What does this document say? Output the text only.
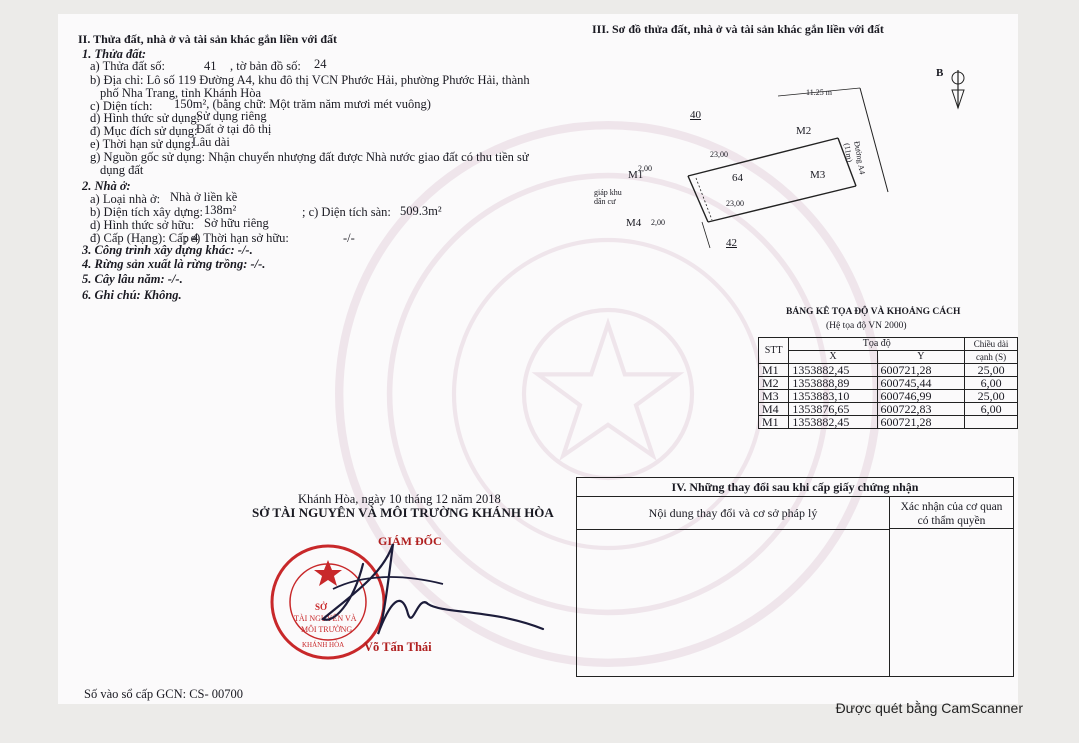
II. Thửa đất, nhà ở và tài sản khác gắn liền với đất
1. Thửa đất:
a) Thửa đất số:	41 , tờ bản đồ số: 24
b) Địa chỉ: Lô số 119 Đường A4, khu đô thị VCN Phước Hải, phường Phước Hải, thành
phố Nha Trang, tỉnh Khánh Hòa
c) Diện tích: 150m², (bằng chữ: Một trăm năm mươi mét vuông)
d) Hình thức sử dụng:
Sử dụng riêng
đ) Mục đích sử dụng:
Đất ở tại đô thị
e) Thời hạn sử dụng:
Lâu dài
g) Nguồn gốc sử dụng: Nhận chuyển nhượng đất được Nhà nước giao đất có thu tiền sử
dụng đất
2. Nhà ở:
a) Loại nhà ở: Nhà ở liền kề
b) Diện tích xây dựng: 138m²	; c) Diện tích sàn: 509.3m²
d) Hình thức sở hữu: Sở hữu riêng
đ) Cấp (Hạng): Cấp 4
; e) Thời hạn sở hữu:	-/-
3. Công trình xây dựng khác: -/-.
4. Rừng sản xuất là rừng trồng: -/-.
5. Cây lâu năm: -/-.
6. Ghi chú: Không.
Khánh Hòa, ngày 10 tháng 12 năm 2018
SỞ TÀI NGUYÊN VÀ MÔI TRƯỜNG KHÁNH HÒA
GIÁM ĐỐC
SỞ
TÀI NGUYÊN VÀ
MÔI TRƯỜNG
KHÁNH HÒA Võ Tấn Thái
Số vào sổ cấp GCN: CS- 00700
III. Sơ đồ thửa đất, nhà ở và tài sản khác gắn liền với đất
B
11.25 m
Đường A4
(11m)
40
42
64
M1
M2
M3
M4
23,00
23,00
2,00
2,00
giáp khu dân cư
BẢNG KÊ TỌA ĐỘ VÀ KHOẢNG CÁCH
(Hệ tọa độ VN 2000)
STT	Tọa độ		Chiều dài
	X	Y	cạnh (S)
M1	1353882,45	600721,28	25,00
M2	1353888,89	600745,44	6,00
M3	1353883,10	600746,99	25,00
M4	1353876,65	600722,83	6,00
M1	1353882,45	600721,28	
IV. Những thay đổi sau khi cấp giấy chứng nhận
Nội dung thay đổi và cơ sở pháp lý	Xác nhận của cơ quan
có thẩm quyền
Được quét bằng CamScanner
